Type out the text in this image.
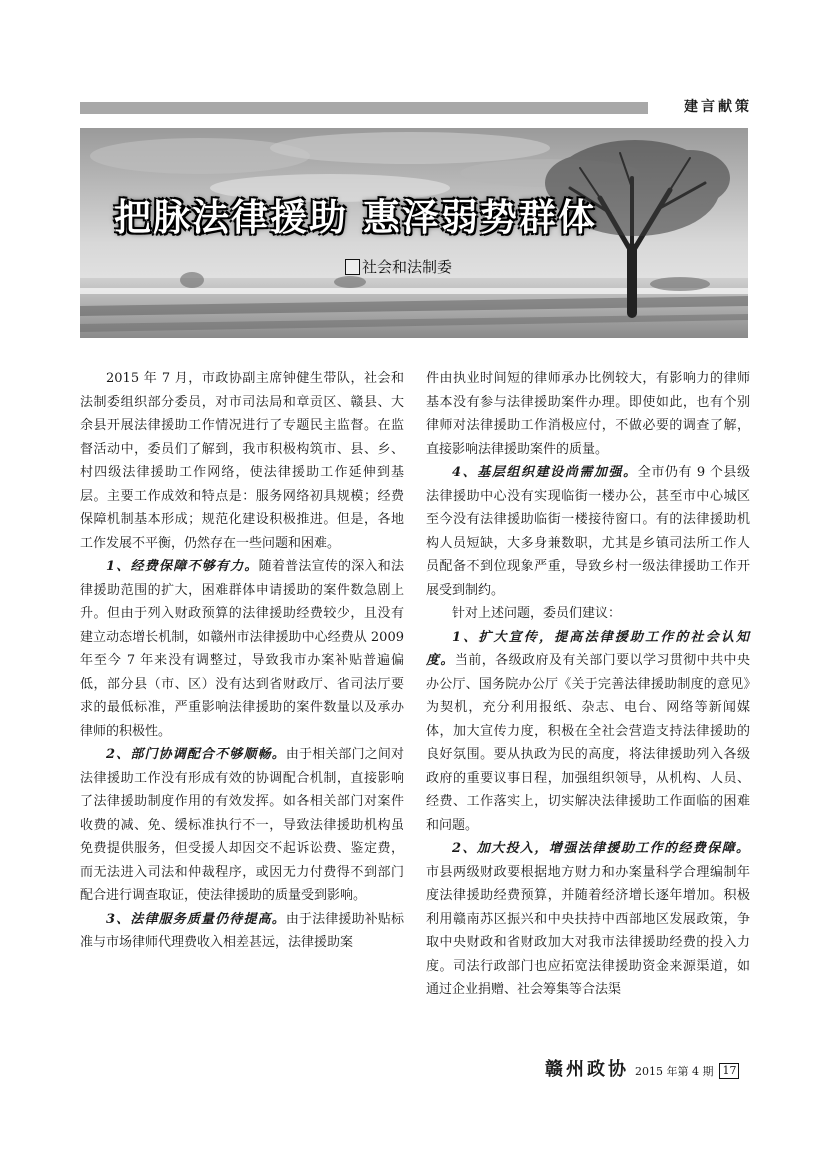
建言献策
把脉法律援助 惠泽弱势群体
社会和法制委

2015 年 7 月，市政协副主席钟健生带队，社会和法制委组织部分委员，对市司法局和章贡区、赣县、大余县开展法律援助工作情况进行了专题民主监督。在监督活动中，委员们了解到，我市积极构筑市、县、乡、村四级法律援助工作网络，使法律援助工作延伸到基层。主要工作成效和特点是：服务网络初具规模；经费保障机制基本形成；规范化建设积极推进。但是，各地工作发展不平衡，仍然存在一些问题和困难。

1、经费保障不够有力。随着普法宣传的深入和法律援助范围的扩大，困难群体申请援助的案件数急剧上升。但由于列入财政预算的法律援助经费较少，且没有建立动态增长机制，如赣州市法律援助中心经费从 2009 年至今 7 年来没有调整过，导致我市办案补贴普遍偏低，部分县（市、区）没有达到省财政厅、省司法厅要求的最低标准，严重影响法律援助的案件数量以及承办律师的积极性。

2、部门协调配合不够顺畅。由于相关部门之间对法律援助工作没有形成有效的协调配合机制，直接影响了法律援助制度作用的有效发挥。如各相关部门对案件收费的减、免、缓标准执行不一，导致法律援助机构虽免费提供服务，但受援人却因交不起诉讼费、鉴定费，而无法进入司法和仲裁程序，或因无力付费得不到部门配合进行调查取证，使法律援助的质量受到影响。

3、法律服务质量仍待提高。由于法律援助补贴标准与市场律师代理费收入相差甚远，法律援助案

件由执业时间短的律师承办比例较大，有影响力的律师基本没有参与法律援助案件办理。即使如此，也有个别律师对法律援助工作消极应付，不做必要的调查了解，直接影响法律援助案件的质量。

4、基层组织建设尚需加强。全市仍有 9 个县级法律援助中心没有实现临街一楼办公，甚至市中心城区至今没有法律援助临街一楼接待窗口。有的法律援助机构人员短缺，大多身兼数职，尤其是乡镇司法所工作人员配备不到位现象严重，导致乡村一级法律援助工作开展受到制约。

针对上述问题，委员们建议：

1、扩大宣传，提高法律援助工作的社会认知度。当前，各级政府及有关部门要以学习贯彻中共中央办公厅、国务院办公厅《关于完善法律援助制度的意见》为契机，充分利用报纸、杂志、电台、网络等新闻媒体，加大宣传力度，积极在全社会营造支持法律援助的良好氛围。要从执政为民的高度，将法律援助列入各级政府的重要议事日程，加强组织领导，从机构、人员、经费、工作落实上，切实解决法律援助工作面临的困难和问题。

2、加大投入，增强法律援助工作的经费保障。市县两级财政要根据地方财力和办案量科学合理编制年度法律援助经费预算，并随着经济增长逐年增加。积极利用赣南苏区振兴和中央扶持中西部地区发展政策，争取中央财政和省财政加大对我市法律援助经费的投入力度。司法行政部门也应拓宽法律援助资金来源渠道，如通过企业捐赠、社会筹集等合法渠

赣州政协 2015 年第 4 期 17
